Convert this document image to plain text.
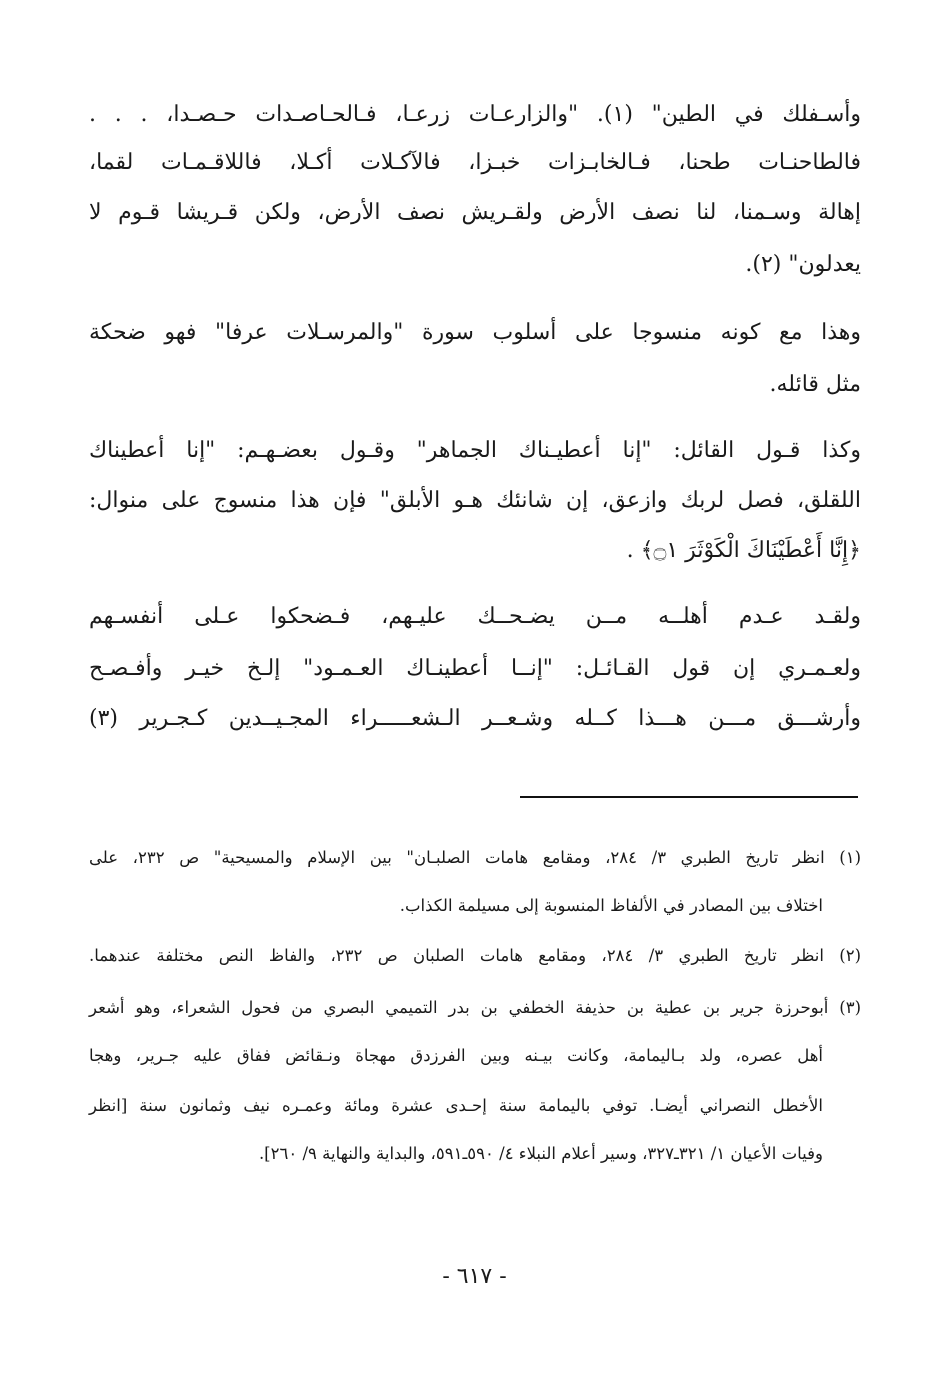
وأسـفلك في الطين" (١). "والزارعـات زرعـا، فـالحـاصـدات حـصـدا، . . .
فالطاحنـات طحنا، فـالخابـزات خبـزا، فالآكـلات أكـلا، فاللاقـمـات لقما،
إهالة وسـمنا، لنا نصف الأرض ولقـريش نصف الأرض، ولكن قـريشا قـوم لا
يعدلون" (٢).
وهذا مع كونه منسوجا على أسلوب سورة "والمرسـلات عرفا" فهو ضحكة
مثل قائله.
وكذا قـول القائل: "إنا أعطيـناك الجماهر" وقـول بعضـهـم: "إنا أعطيناك
اللقلق، فصل لربك وازعق، إن شانئك هـو الأبلق" فإن هذا منسوج على منوال:
﴿إِنَّا أَعْطَيْنَاكَ الْكَوْثَرَ ۝١﴾ .
ولقـد عـدم أهلــه مــن يضـحــك عليـهم، فـضحكوا عـلى أنفسـهم
ولعـمـري إن قول القـائـل: "إنــا أعطينـاك العـمـود" إلـخ خيـر وأفـصـح
وأرشـــق مـــن هـــذا كــله وشـعــر الـشعـــــراء المجـيــدين كـجـرير (٣)
(١) انظر تاريخ الطبري ٣/ ٢٨٤، ومقامع هامات الصلبـان" بين الإسلام والمسيحية" ص ٢٣٢، على
اختلاف بين المصادر في الألفاظ المنسوبة إلى مسيلمة الكذاب.
(٢) انظر تاريخ الطبري ٣/ ٢٨٤، ومقامع هامات الصلبان ص ٢٣٢، والفاظ النص مختلفة عندهما.
(٣) أبوحرزة جرير بن عطية بن حذيفة الخطفي بن بدر التميمي البصري من فحول الشعراء، وهو أشعر
أهل عصره، ولد بـاليمامة، وكانت بيـنه وبين الفرزدق مهجاة ونـقائض ففاق عليه جـرير، وهجا
الأخطل النصراني أيضـا. توفي باليمامة سنة إحـدى عشرة ومائة وعمـره نيف وثمانون سنة [انظر
وفيات الأعيان ١/ ٣٢١ـ٣٢٧، وسير أعلام النبلاء ٤/ ٥٩٠ـ٥٩١، والبداية والنهاية ٩/ ٢٦٠].
- ٦١٧ -
